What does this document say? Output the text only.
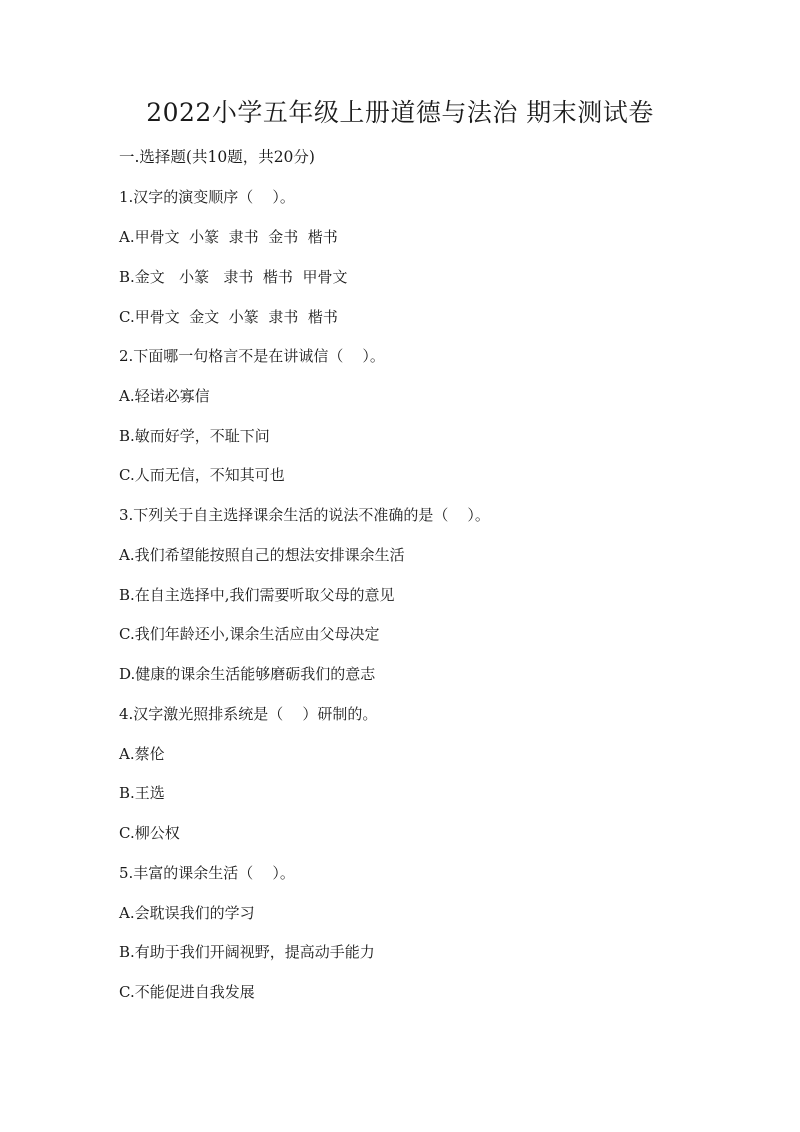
2022小学五年级上册道德与法治 期末测试卷
一.选择题(共10题，共20分)
1.汉字的演变顺序（    ）。
A.甲骨文  小篆  隶书  金书  楷书
B.金文   小篆   隶书  楷书  甲骨文
C.甲骨文  金文  小篆  隶书  楷书
2.下面哪一句格言不是在讲诚信（    ）。
A.轻诺必寡信
B.敏而好学，不耻下问
C.人而无信，不知其可也
3.下列关于自主选择课余生活的说法不准确的是（    ）。
A.我们希望能按照自己的想法安排课余生活
B.在自主选择中,我们需要听取父母的意见
C.我们年龄还小,课余生活应由父母决定
D.健康的课余生活能够磨砺我们的意志
4.汉字激光照排系统是（    ）研制的。
A.蔡伦
B.王选
C.柳公权
5.丰富的课余生活（    ）。
A.会耽误我们的学习
B.有助于我们开阔视野，提高动手能力
C.不能促进自我发展
